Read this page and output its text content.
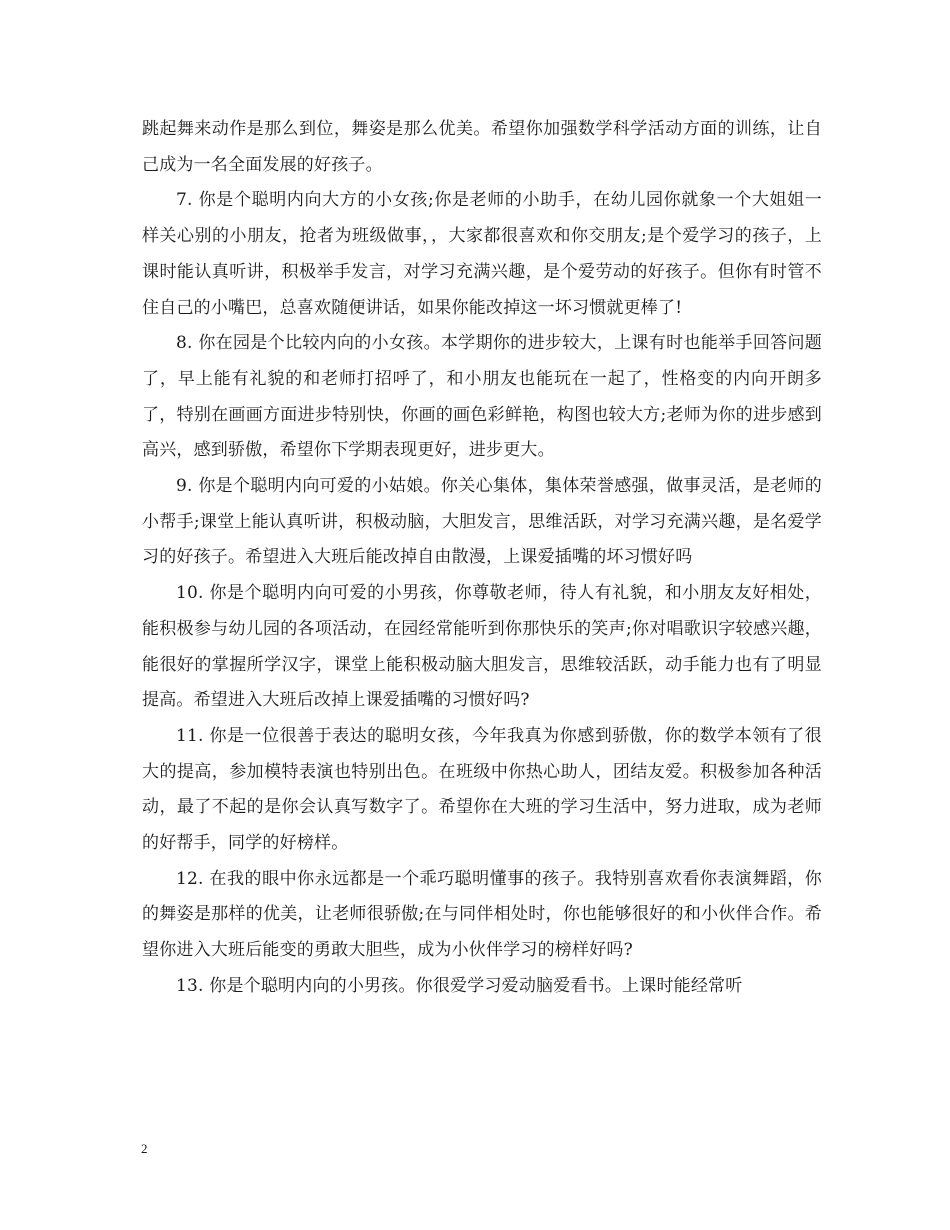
跳起舞来动作是那么到位，舞姿是那么优美。希望你加强数学科学活动方面的训练，让自己成为一名全面发展的好孩子。

7. 你是个聪明内向大方的小女孩;你是老师的小助手，在幼儿园你就象一个大姐姐一样关心别的小朋友，抢者为班级做事，，大家都很喜欢和你交朋友;是个爱学习的孩子，上课时能认真听讲，积极举手发言，对学习充满兴趣，是个爱劳动的好孩子。但你有时管不住自己的小嘴巴，总喜欢随便讲话，如果你能改掉这一坏习惯就更棒了!

8. 你在园是个比较内向的小女孩。本学期你的进步较大，上课有时也能举手回答问题了，早上能有礼貌的和老师打招呼了，和小朋友也能玩在一起了，性格变的内向开朗多了，特别在画画方面进步特别快，你画的画色彩鲜艳，构图也较大方;老师为你的进步感到高兴，感到骄傲，希望你下学期表现更好，进步更大。

9. 你是个聪明内向可爱的小姑娘。你关心集体，集体荣誉感强，做事灵活，是老师的小帮手;课堂上能认真听讲，积极动脑，大胆发言，思维活跃，对学习充满兴趣，是名爱学习的好孩子。希望进入大班后能改掉自由散漫，上课爱插嘴的坏习惯好吗

10. 你是个聪明内向可爱的小男孩，你尊敬老师，待人有礼貌，和小朋友友好相处，能积极参与幼儿园的各项活动，在园经常能听到你那快乐的笑声;你对唱歌识字较感兴趣，能很好的掌握所学汉字，课堂上能积极动脑大胆发言，思维较活跃，动手能力也有了明显提高。希望进入大班后改掉上课爱插嘴的习惯好吗?

11. 你是一位很善于表达的聪明女孩，今年我真为你感到骄傲，你的数学本领有了很大的提高，参加模特表演也特别出色。在班级中你热心助人，团结友爱。积极参加各种活动，最了不起的是你会认真写数字了。希望你在大班的学习生活中，努力进取，成为老师的好帮手，同学的好榜样。

12. 在我的眼中你永远都是一个乖巧聪明懂事的孩子。我特别喜欢看你表演舞蹈，你的舞姿是那样的优美，让老师很骄傲;在与同伴相处时，你也能够很好的和小伙伴合作。希望你进入大班后能变的勇敢大胆些，成为小伙伴学习的榜样好吗?

13. 你是个聪明内向的小男孩。你很爱学习爱动脑爱看书。上课时能经常听

2
